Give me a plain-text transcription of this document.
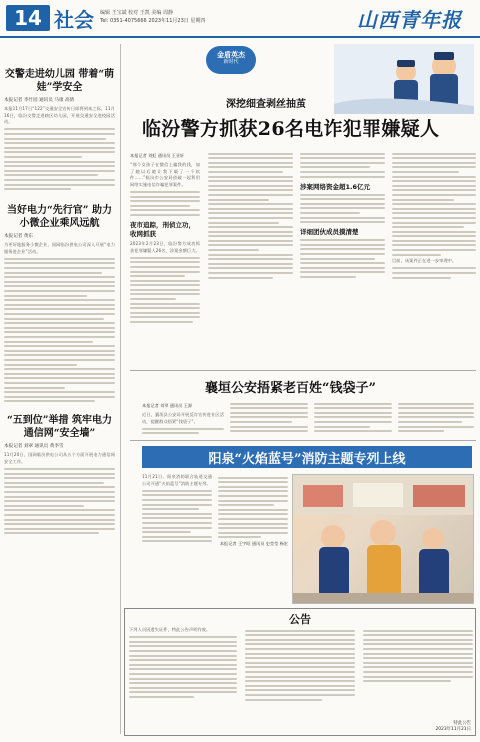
14 社会 编辑 王宝斌 校对 王凯 美编 周静
Tel: 0351-4075666 2023年11月23日 星期四	山西青年报
交警走进幼儿园 带着“萌娃”学安全
本报记者 李竹园 通讯员 马康 高倩
本报11月17日“122”交通安全宣传日即将到来之际，11月16日，临汾交警走进辖区幼儿园，开展交通安全进校园活动。
当好电力“先行官” 助力小微企业乘风远航
本报记者 黄东
为更好地服务小微企业，国网临汾供电公司深入开展“电力服务进企业”活动。
“五到位”举措 筑牢电力通信网“安全墙”
本报记者 刘翠 通讯员 黄李雪
11月20日，国网临汾供电公司从五个方面开展电力通信网安全工作。
金盾英杰
新时代
深挖细查剥丝抽茧
临汾警方抓获26名电诈犯罪嫌疑人
本报记者 刘虹 通讯员 王亚轩
“那个女孩子在微信上骗我的钱，加了她以后她让我下载了一个软件……”临汾市公安局侦破一起利用网络实施电信诈骗犯罪案件。
夜市追踪，刑侦立功，收网抓获
2023年2月23日，临汾警方成功抓获犯罪嫌疑人26名，涉案金额巨大。
涉案网络资金超1.6亿元
详细团伙成员摸清楚
目前，该案件正在进一步审理中。
襄垣公安捂紧老百姓“钱袋子”
本报记者 刘翠 通讯员 王源
近日，襄垣县公安局开展反诈宣传进社区活动，提醒群众捂紧“钱袋子”。
阳泉“火焰蓝号”消防主题专列上线
11月21日，阳泉消防联合轨道交通公司开通“火焰蓝号”消防主题专列。
本报记者 王宇昭 通讯员 史莹莹 杨宏
公告
下列人员因遗失证件，特此公告声明作废。
特此公告
2023年11月21日
